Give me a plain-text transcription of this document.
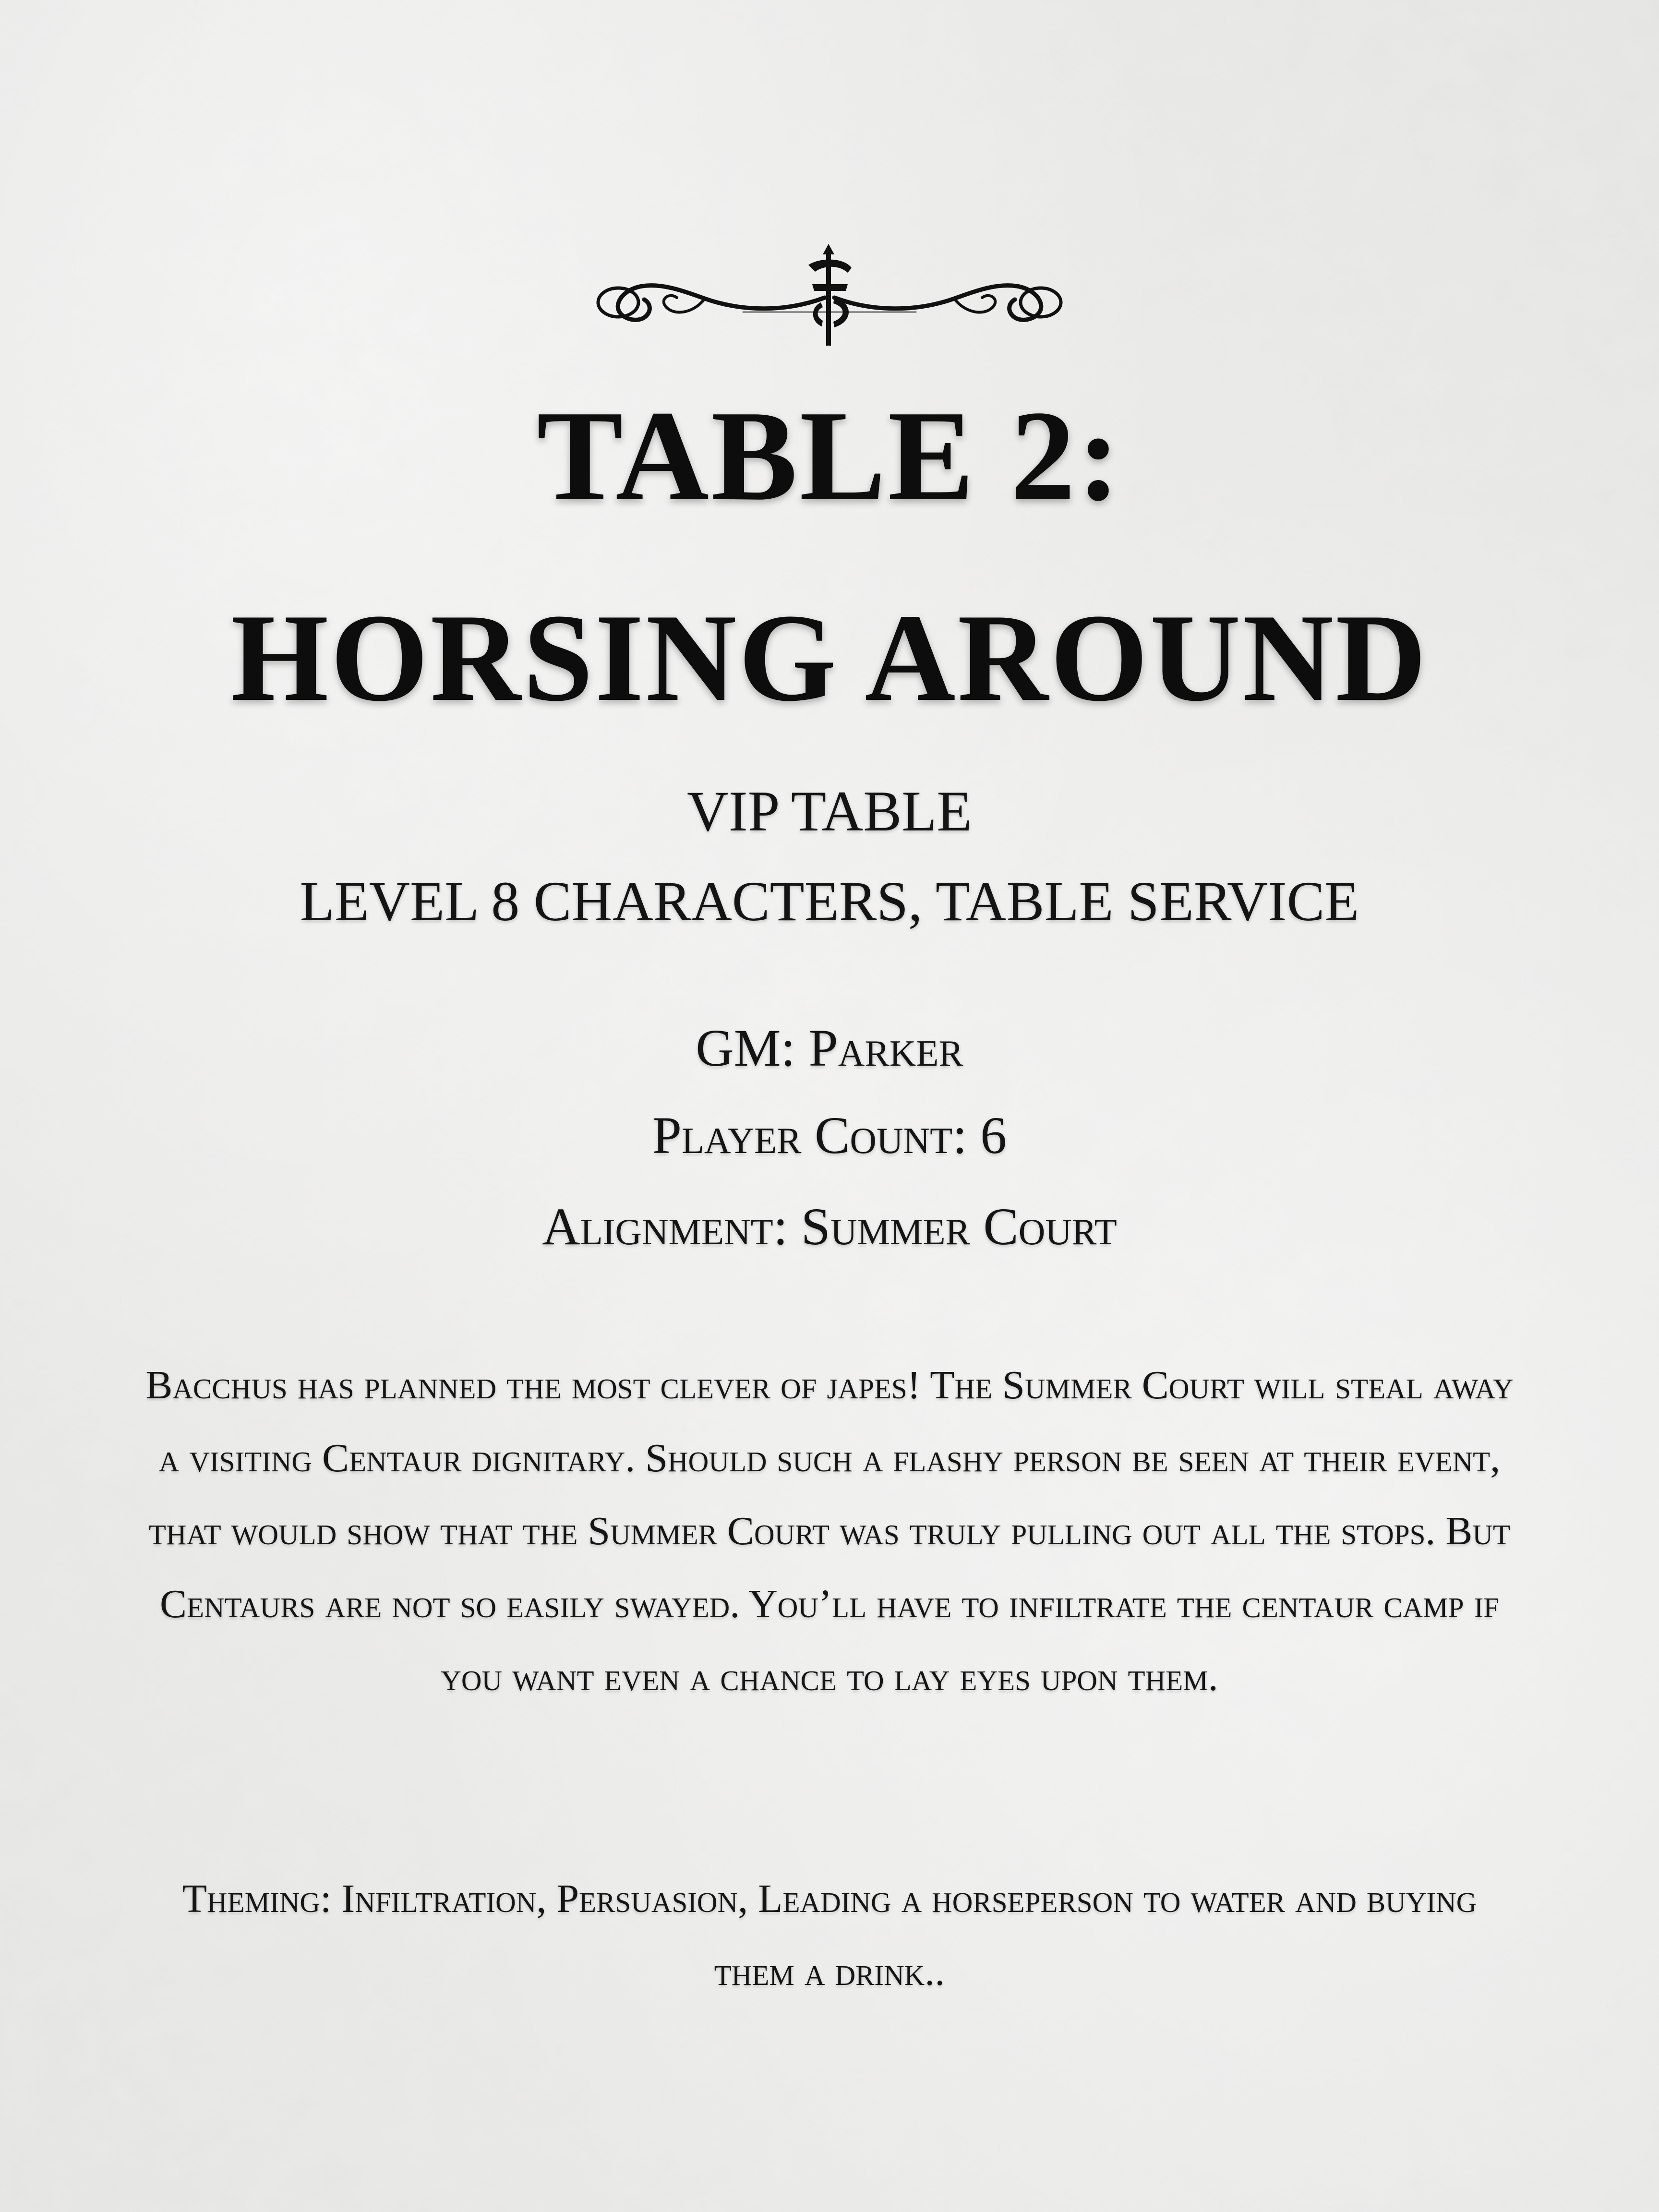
TABLE 2:
HORSING AROUND
VIP TABLE
LEVEL 8 CHARACTERS, TABLE SERVICE
GM: Parker
Player Count: 6
Alignment: Summer Court

Bacchus has planned the most clever of japes! The Summer Court will steal away a visiting Centaur dignitary. Should such a flashy person be seen at their event, that would show that the Summer Court was truly pulling out all the stops. But Centaurs are not so easily swayed. You’ll have to infiltrate the centaur camp if you want even a chance to lay eyes upon them.

Theming: Infiltration, Persuasion, Leading a horseperson to water and buying them a drink..
